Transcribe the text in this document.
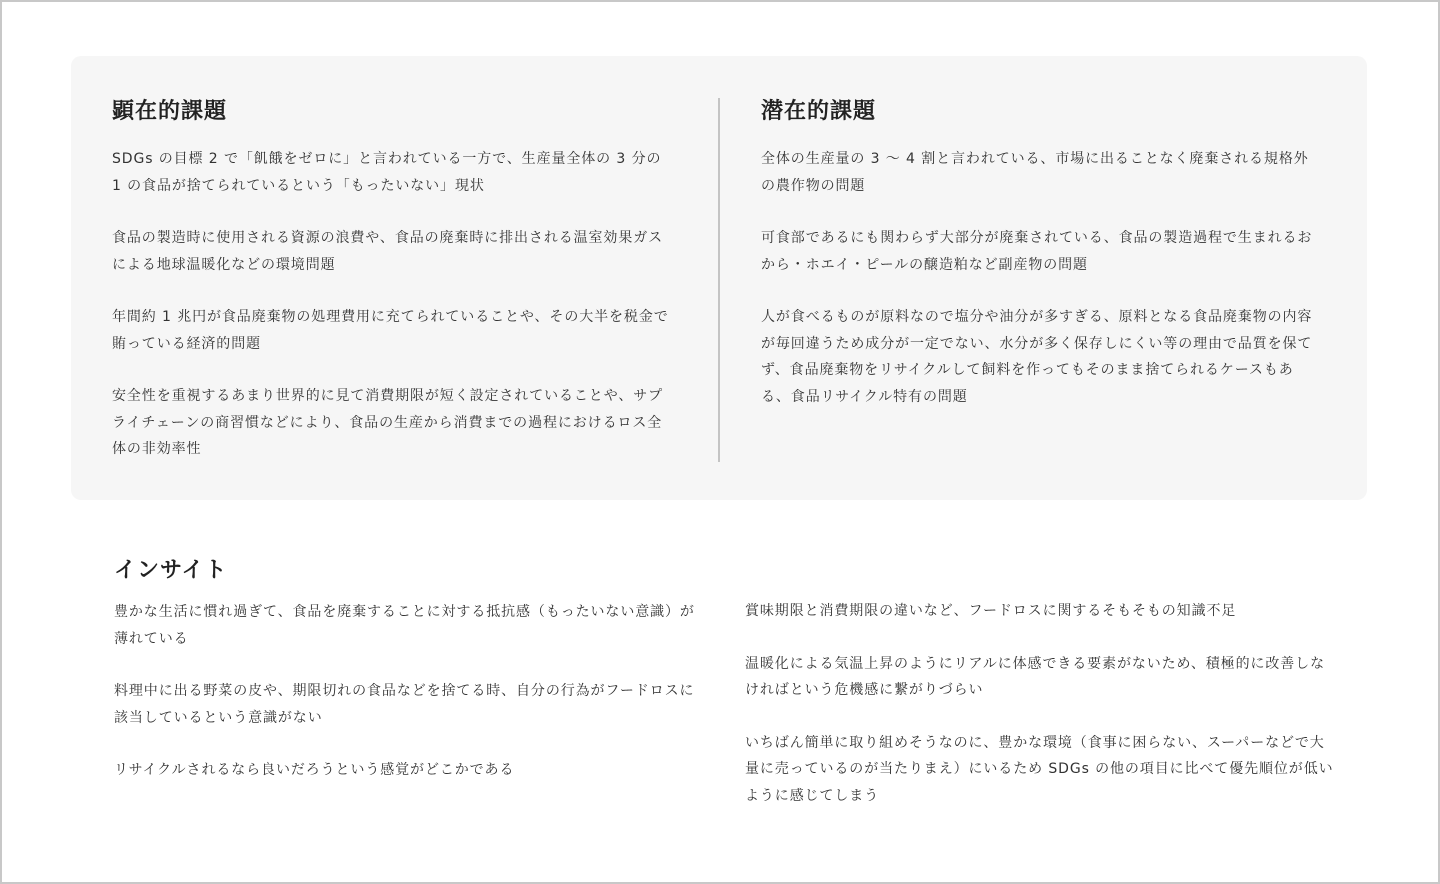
顕在的課題

SDGs の目標 2 で「飢餓をゼロに」と言われている一方で、生産量全体の 3 分の 1 の食品が捨てられているという「もったいない」現状

食品の製造時に使用される資源の浪費や、食品の廃棄時に排出される温室効果ガスによる地球温暖化などの環境問題

年間約 1 兆円が食品廃棄物の処理費用に充てられていることや、その大半を税金で賄っている経済的問題

安全性を重視するあまり世界的に見て消費期限が短く設定されていることや、サプライチェーンの商習慣などにより、食品の生産から消費までの過程におけるロス全体の非効率性

潜在的課題

全体の生産量の 3 〜 4 割と言われている、市場に出ることなく廃棄される規格外の農作物の問題

可食部であるにも関わらず大部分が廃棄されている、食品の製造過程で生まれるおから・ホエイ・ピールの醸造粕など副産物の問題

人が食べるものが原料なので塩分や油分が多すぎる、原料となる食品廃棄物の内容が毎回違うため成分が一定でない、水分が多く保存しにくい等の理由で品質を保てず、食品廃棄物をリサイクルして飼料を作ってもそのまま捨てられるケースもある、食品リサイクル特有の問題

インサイト

豊かな生活に慣れ過ぎて、食品を廃棄することに対する抵抗感（もったいない意識）が薄れている

料理中に出る野菜の皮や、期限切れの食品などを捨てる時、自分の行為がフードロスに該当しているという意識がない

リサイクルされるなら良いだろうという感覚がどこかである

賞味期限と消費期限の違いなど、フードロスに関するそもそもの知識不足

温暖化による気温上昇のようにリアルに体感できる要素がないため、積極的に改善しなければという危機感に繋がりづらい

いちばん簡単に取り組めそうなのに、豊かな環境（食事に困らない、スーパーなどで大量に売っているのが当たりまえ）にいるため SDGs の他の項目に比べて優先順位が低いように感じてしまう
